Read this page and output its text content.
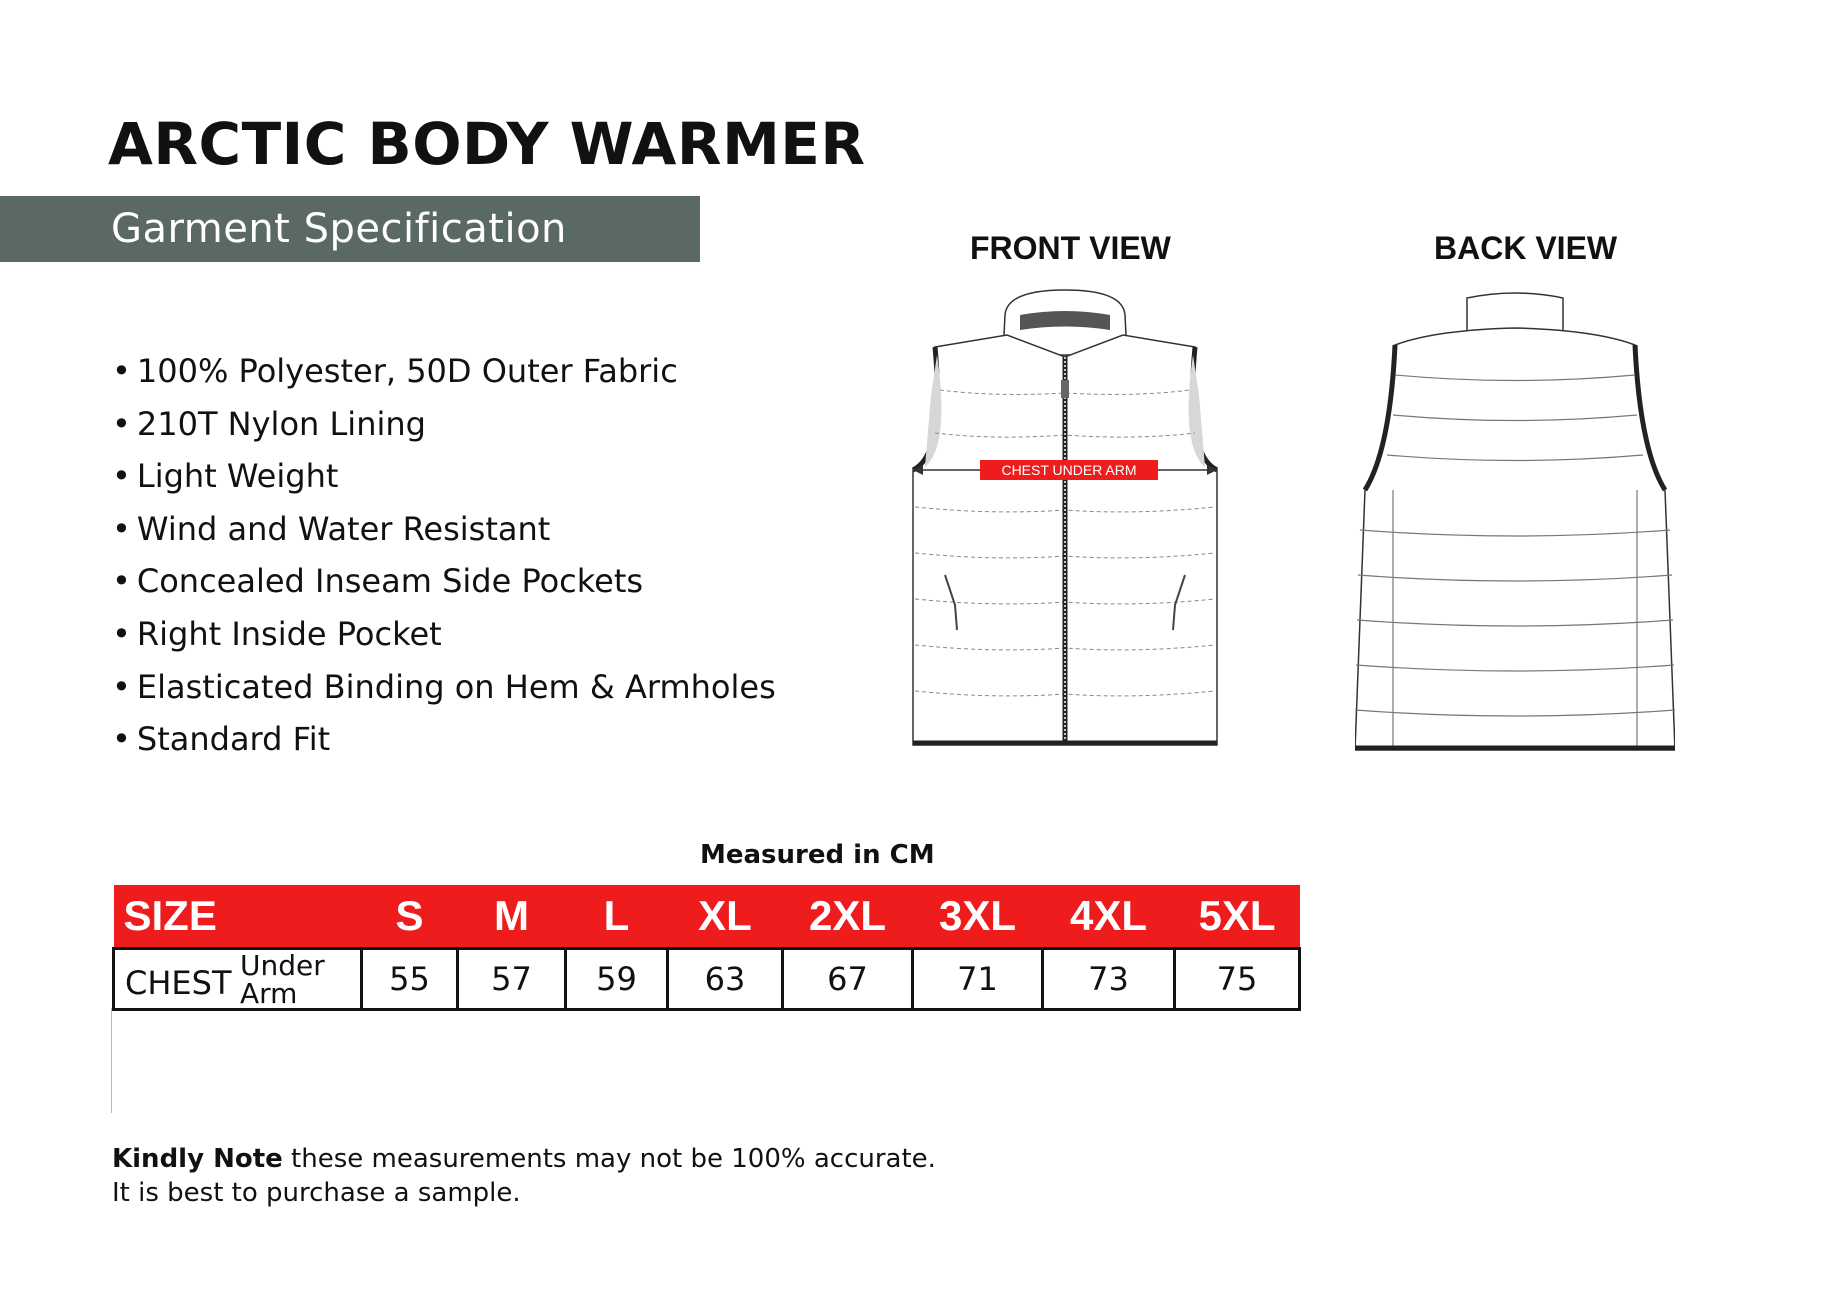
ARCTIC BODY WARMER
Garment Specification
• 100% Polyester, 50D Outer Fabric
• 210T Nylon Lining
• Light Weight
• Wind and Water Resistant
• Concealed Inseam Side Pockets
• Right Inside Pocket
• Elasticated Binding on Hem & Armholes
• Standard Fit
FRONT VIEW	BACK VIEW
CHEST UNDER ARM
Measured in CM
SIZE	S	M	L	XL	2XL	3XL	4XL	5XL

CHEST Under
Arm	55	57	59	63	67	71	73	75
Kindly Note these measurements may not be 100% accurate.
It is best to purchase a sample.
